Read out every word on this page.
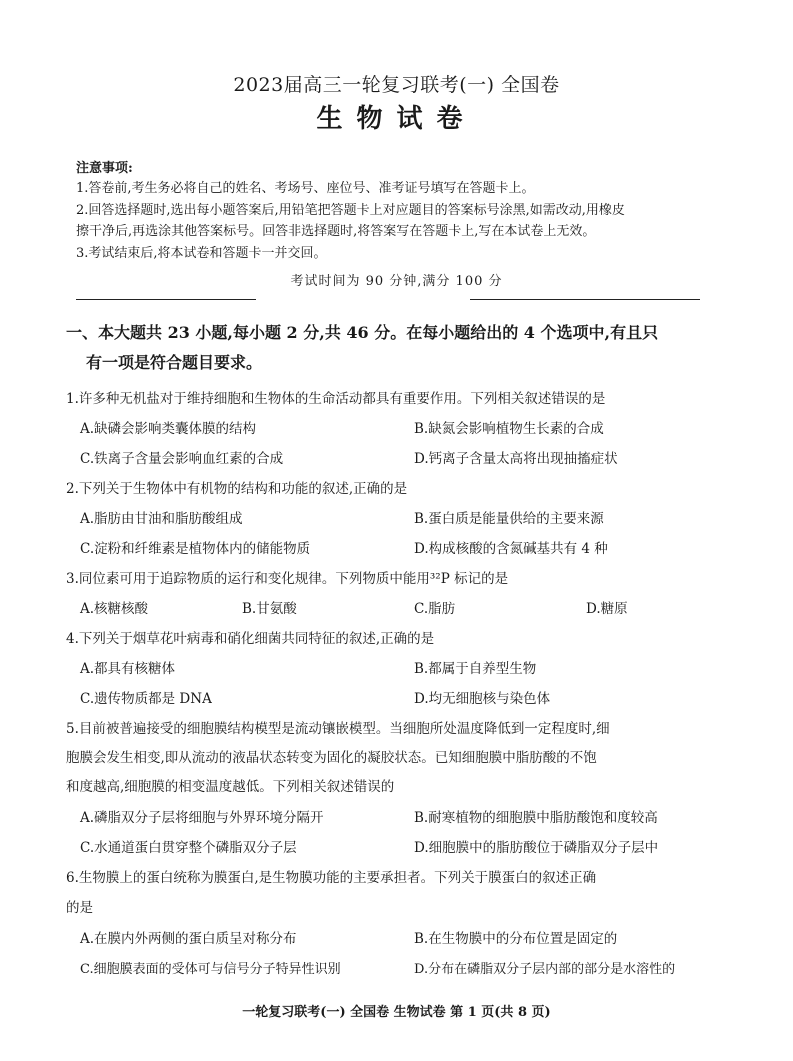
2023届高三一轮复习联考(一) 全国卷
生物试卷
注意事项:
1.答卷前,考生务必将自己的姓名、考场号、座位号、准考证号填写在答题卡上。
2.回答选择题时,选出每小题答案后,用铅笔把答题卡上对应题目的答案标号涂黑,如需改动,用橡皮
擦干净后,再选涂其他答案标号。回答非选择题时,将答案写在答题卡上,写在本试卷上无效。
3.考试结束后,将本试卷和答题卡一并交回。
考试时间为 90 分钟,满分 100 分
一、本大题共 23 小题,每小题 2 分,共 46 分。在每小题给出的 4 个选项中,有且只
有一项是符合题目要求。
1.许多种无机盐对于维持细胞和生物体的生命活动都具有重要作用。下列相关叙述错误的是
A.缺磷会影响类囊体膜的结构	B.缺氮会影响植物生长素的合成
C.铁离子含量会影响血红素的合成	D.钙离子含量太高将出现抽搐症状
2.下列关于生物体中有机物的结构和功能的叙述,正确的是
A.脂肪由甘油和脂肪酸组成	B.蛋白质是能量供给的主要来源
C.淀粉和纤维素是植物体内的储能物质	D.构成核酸的含氮碱基共有 4 种
3.同位素可用于追踪物质的运行和变化规律。下列物质中能用³²P 标记的是
A.核糖核酸	B.甘氨酸	C.脂肪	D.糖原
4.下列关于烟草花叶病毒和硝化细菌共同特征的叙述,正确的是
A.都具有核糖体	B.都属于自养型生物
C.遗传物质都是 DNA	D.均无细胞核与染色体
5.目前被普遍接受的细胞膜结构模型是流动镶嵌模型。当细胞所处温度降低到一定程度时,细
胞膜会发生相变,即从流动的液晶状态转变为固化的凝胶状态。已知细胞膜中脂肪酸的不饱
和度越高,细胞膜的相变温度越低。下列相关叙述错误的
A.磷脂双分子层将细胞与外界环境分隔开	B.耐寒植物的细胞膜中脂肪酸饱和度较高
C.水通道蛋白贯穿整个磷脂双分子层	D.细胞膜中的脂肪酸位于磷脂双分子层中
6.生物膜上的蛋白统称为膜蛋白,是生物膜功能的主要承担者。下列关于膜蛋白的叙述正确
的是
A.在膜内外两侧的蛋白质呈对称分布	B.在生物膜中的分布位置是固定的
C.细胞膜表面的受体可与信号分子特异性识别	D.分布在磷脂双分子层内部的部分是水溶性的
一轮复习联考(一) 全国卷 生物试卷 第 1 页(共 8 页)
